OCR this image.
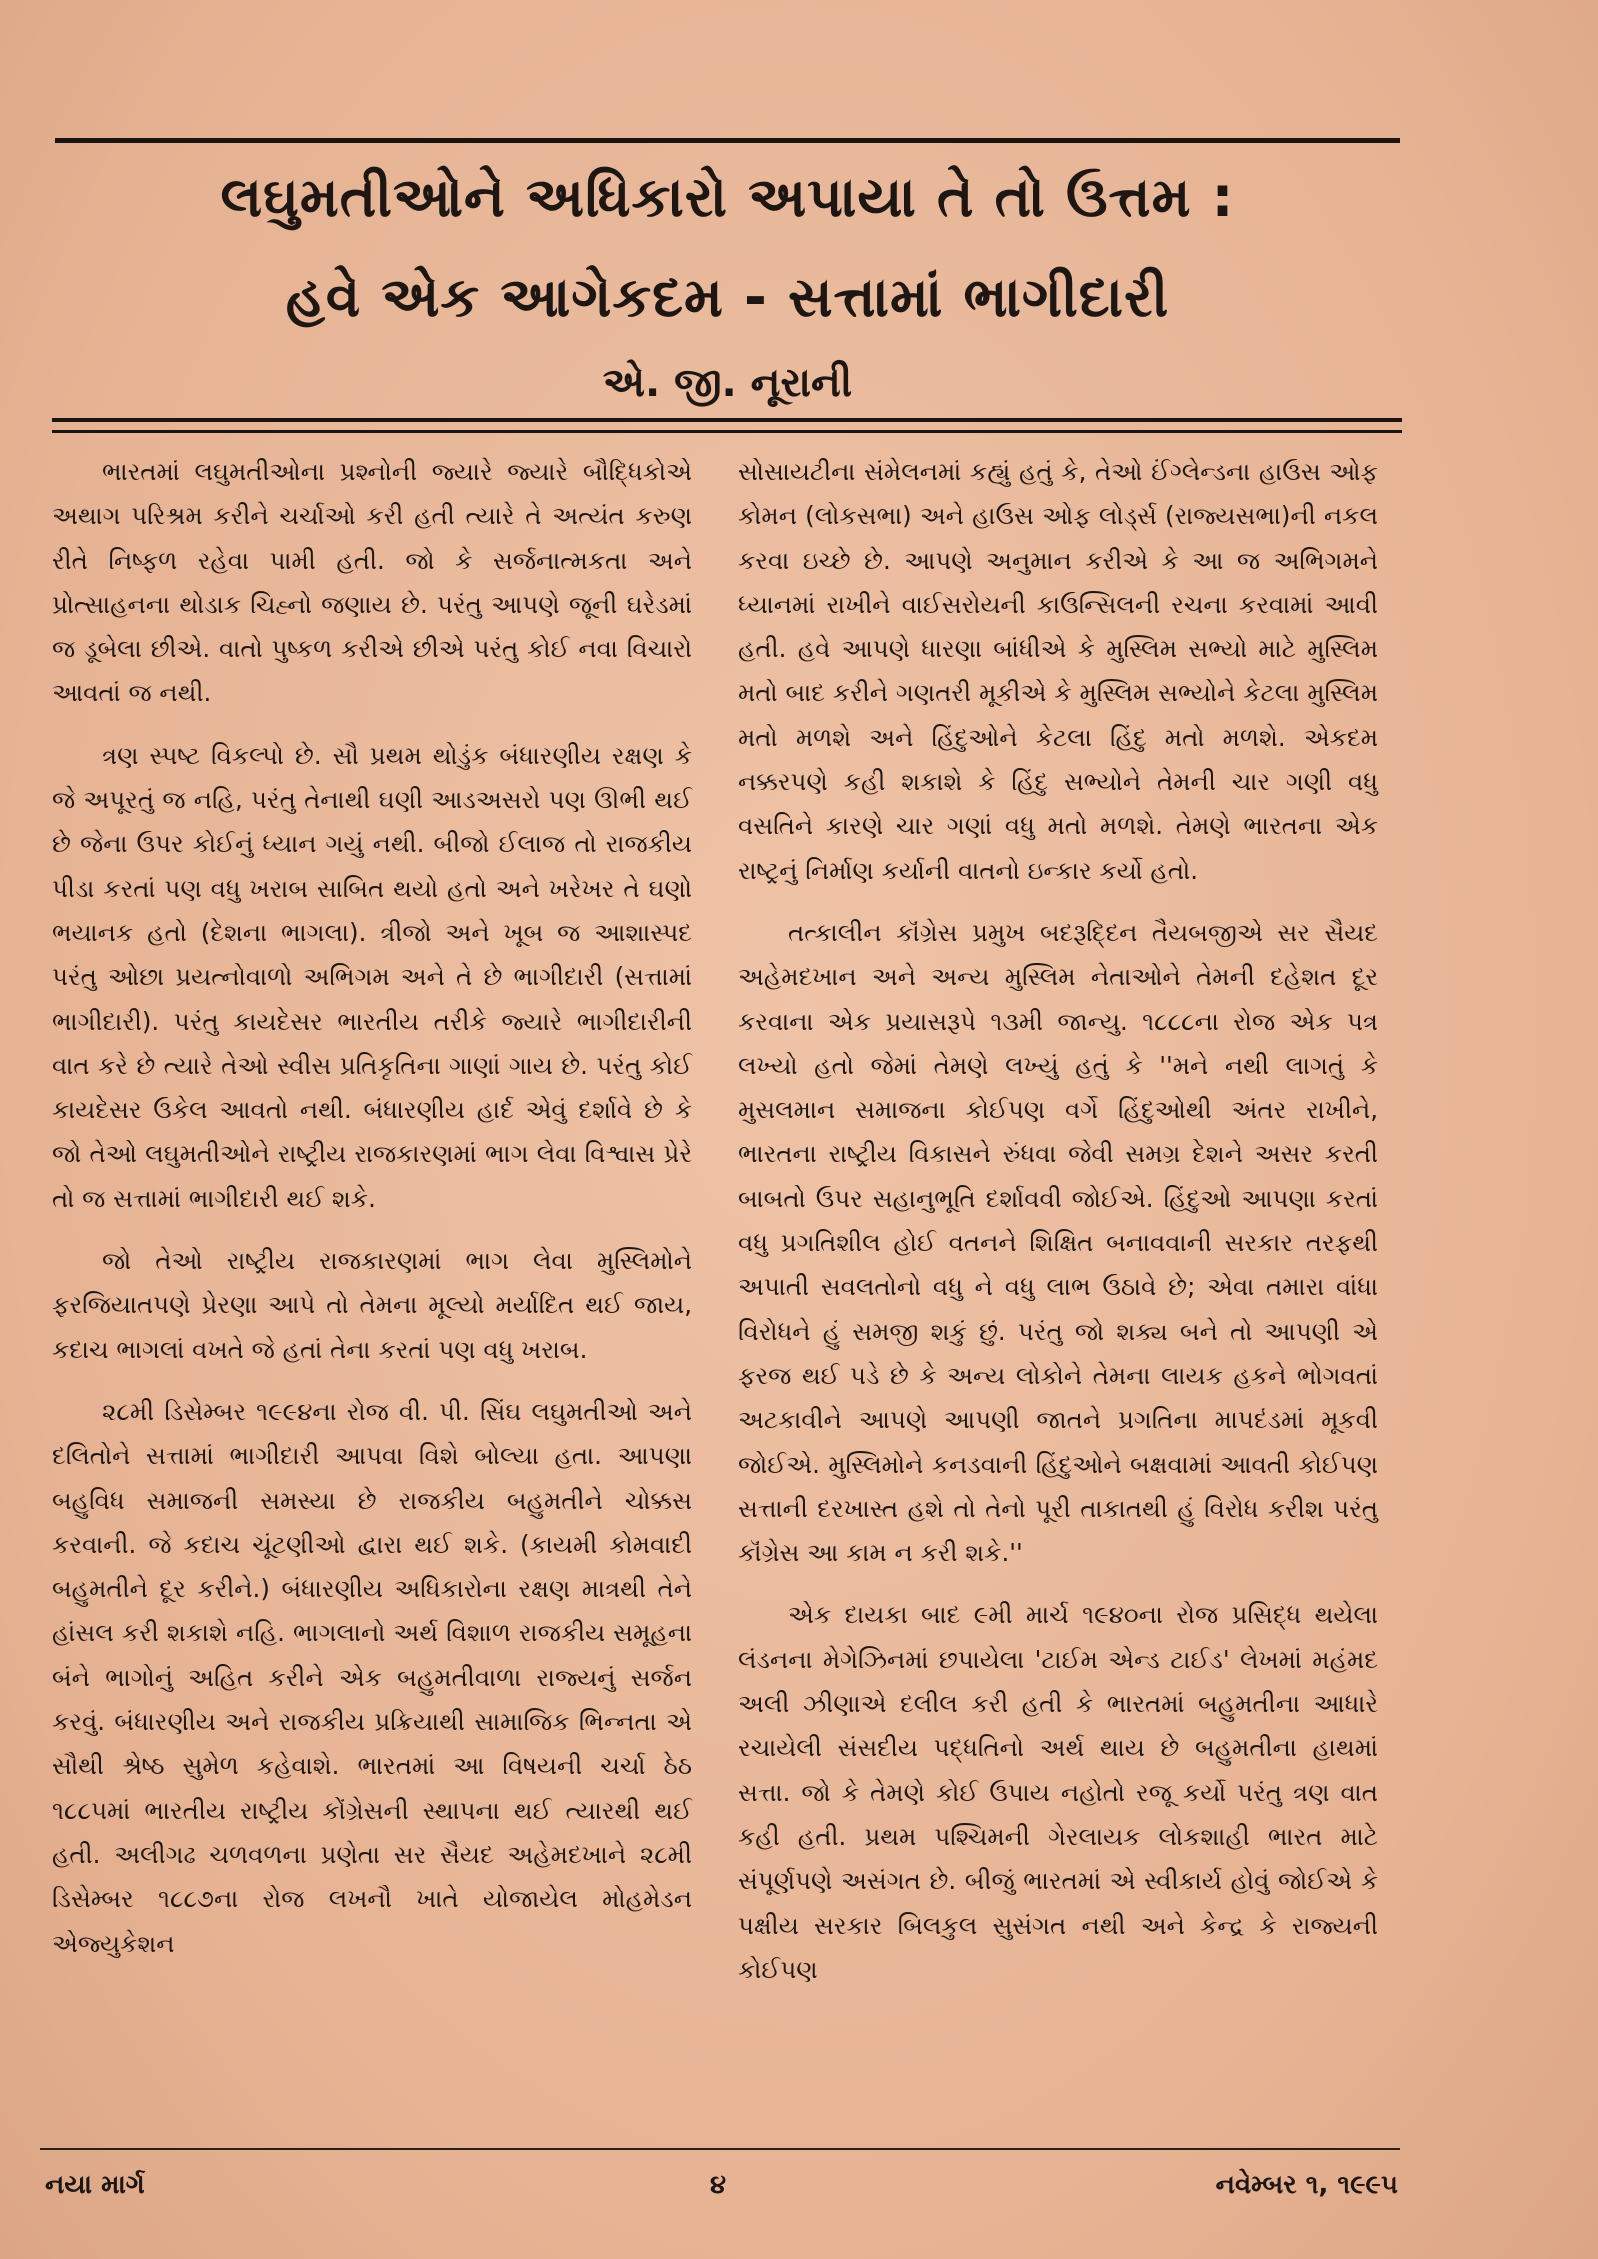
લઘુમતીઓને અધિકારો અપાયા તે તો ઉત્તમ :
હવે એક આગેકદમ - સત્તામાં ભાગીદારી
એ. જી. નૂરાની

ભારતમાં લઘુમતીઓના પ્રશ્નોની જ્યારે જ્યારે બૌદ્ધિકોએ અથાગ પરિશ્રમ કરીને ચર્ચાઓ કરી હતી ત્યારે તે અત્યંત કરુણ રીતે નિષ્ફળ રહેવા પામી હતી. જો કે સર્જનાત્મકતા અને પ્રોત્સાહનના થોડાક ચિહ્નો જણાય છે. પરંતુ આપણે જૂની ઘરેડમાં જ ડૂબેલા છીએ. વાતો પુષ્કળ કરીએ છીએ પરંતુ કોઈ નવા વિચારો આવતાં જ નથી.

ત્રણ સ્પષ્ટ વિકલ્પો છે. સૌ પ્રથમ થોડુંક બંધારણીય રક્ષણ કે જે અપૂરતું જ નહિ, પરંતુ તેનાથી ઘણી આડઅસરો પણ ઊભી થઈ છે જેના ઉપર કોઈનું ધ્યાન ગયું નથી. બીજો ઈલાજ તો રાજકીય પીડા કરતાં પણ વધુ ખરાબ સાબિત થયો હતો અને ખરેખર તે ઘણો ભયાનક હતો (દેશના ભાગલા). ત્રીજો અને ખૂબ જ આશાસ્પદ પરંતુ ઓછા પ્રયત્નોવાળો અભિગમ અને તે છે ભાગીદારી (સત્તામાં ભાગીદારી). પરંતુ કાયદેસર ભારતીય તરીકે જ્યારે ભાગીદારીની વાત કરે છે ત્યારે તેઓ સ્વીસ પ્રતિકૃતિના ગાણાં ગાય છે. પરંતુ કોઈ કાયદેસર ઉકેલ આવતો નથી. બંધારણીય હાર્દ એવું દર્શાવે છે કે જો તેઓ લઘુમતીઓને રાષ્ટ્રીય રાજકારણમાં ભાગ લેવા વિશ્વાસ પ્રેરે તો જ સત્તામાં ભાગીદારી થઈ શકે.

જો તેઓ રાષ્ટ્રીય રાજકારણમાં ભાગ લેવા મુસ્લિમોને ફરજિયાતપણે પ્રેરણા આપે તો તેમના મૂલ્યો મર્યાદિત થઈ જાય, કદાચ ભાગલાં વખતે જે હતાં તેના કરતાં પણ વધુ ખરાબ.

૨૮મી ડિસેમ્બર ૧૯૯૪ના રોજ વી. પી. સિંઘ લઘુમતીઓ અને દલિતોને સત્તામાં ભાગીદારી આપવા વિશે બોલ્યા હતા. આપણા બહુવિધ સમાજની સમસ્યા છે રાજકીય બહુમતીને ચોક્કસ કરવાની. જે કદાચ ચૂંટણીઓ દ્વારા થઈ શકે. (કાયમી કોમવાદી બહુમતીને દૂર કરીને.) બંધારણીય અધિકારોના રક્ષણ માત્રથી તેને હાંસલ કરી શકાશે નહિ. ભાગલાનો અર્થ વિશાળ રાજકીય સમૂહના બંને ભાગોનું અહિત કરીને એક બહુમતીવાળા રાજ્યનું સર્જન કરવું. બંધારણીય અને રાજકીય પ્રક્રિયાથી સામાજિક ભિન્નતા એ સૌથી શ્રેષ્ઠ સુમેળ કહેવાશે. ભારતમાં આ વિષયની ચર્ચા ઠેઠ ૧૮૮૫માં ભારતીય રાષ્ટ્રીય કોંગ્રેસની સ્થાપના થઈ ત્યારથી થઈ હતી. અલીગઢ ચળવળના પ્રણેતા સર સૈયદ અહેમદખાને ૨૮મી ડિસેમ્બર ૧૮૮૭ના રોજ લખનૌ ખાતે યોજાયેલ મોહમેડન એજ્યુકેશન

સોસાયટીના સંમેલનમાં કહ્યું હતું કે, તેઓ ઈંગ્લેન્ડના હાઉસ ઓફ કોમન (લોકસભા) અને હાઉસ ઓફ લોર્ડ્સ (રાજ્યસભા)ની નકલ કરવા ઇચ્છે છે. આપણે અનુમાન કરીએ કે આ જ અભિગમને ધ્યાનમાં રાખીને વાઈસરોયની કાઉન્સિલની રચના કરવામાં આવી હતી. હવે આપણે ધારણા બાંધીએ કે મુસ્લિમ સભ્યો માટે મુસ્લિમ મતો બાદ કરીને ગણતરી મૂકીએ કે મુસ્લિમ સભ્યોને કેટલા મુસ્લિમ મતો મળશે અને હિંદુઓને કેટલા હિંદુ મતો મળશે. એકદમ નક્કરપણે કહી શકાશે કે હિંદુ સભ્યોને તેમની ચાર ગણી વધુ વસતિને કારણે ચાર ગણાં વધુ મતો મળશે. તેમણે ભારતના એક રાષ્ટ્રનું નિર્માણ કર્યાની વાતનો ઇન્કાર કર્યો હતો.

તત્કાલીન કૉંગ્રેસ પ્રમુખ બદરૂદ્દિન તૈયબજીએ સર સૈયદ અહેમદખાન અને અન્ય મુસ્લિમ નેતાઓને તેમની દહેશત દૂર કરવાના એક પ્રયાસરૂપે ૧૩મી જાન્યુ. ૧૮૮૮ના રોજ એક પત્ર લખ્યો હતો જેમાં તેમણે લખ્યું હતું કે ''મને નથી લાગતું કે મુસલમાન સમાજના કોઈપણ વર્ગે હિંદુઓથી અંતર રાખીને, ભારતના રાષ્ટ્રીય વિકાસને રુંધવા જેવી સમગ્ર દેશને અસર કરતી બાબતો ઉપર સહાનુભૂતિ દર્શાવવી જોઈએ. હિંદુઓ આપણા કરતાં વધુ પ્રગતિશીલ હોઈ વતનને શિક્ષિત બનાવવાની સરકાર તરફથી અપાતી સવલતોનો વધુ ને વધુ લાભ ઉઠાવે છે; એવા તમારા વાંધા વિરોધને હું સમજી શકું છું. પરંતુ જો શક્ય બને તો આપણી એ ફરજ થઈ પડે છે કે અન્ય લોકોને તેમના લાયક હકને ભોગવતાં અટકાવીને આપણે આપણી જાતને પ્રગતિના માપદંડમાં મૂકવી જોઈએ. મુસ્લિમોને કનડવાની હિંદુઓને બક્ષવામાં આવતી કોઈપણ સત્તાની દરખાસ્ત હશે તો તેનો પૂરી તાકાતથી હું વિરોધ કરીશ પરંતુ કૉંગ્રેસ આ કામ ન કરી શકે.''

એક દાયકા બાદ ૯મી માર્ચ ૧૯૪૦ના રોજ પ્રસિદ્ધ થયેલા લંડનના મેગેઝિનમાં છપાયેલા 'ટાઈમ એન્ડ ટાઈડ' લેખમાં મહંમદ અલી ઝીણાએ દલીલ કરી હતી કે ભારતમાં બહુમતીના આધારે રચાયેલી સંસદીય પદ્ધતિનો અર્થ થાય છે બહુમતીના હાથમાં સત્તા. જો કે તેમણે કોઈ ઉપાય નહોતો રજૂ કર્યો પરંતુ ત્રણ વાત કહી હતી. પ્રથમ પશ્ચિમની ગેરલાયક લોકશાહી ભારત માટે સંપૂર્ણપણે અસંગત છે. બીજું ભારતમાં એ સ્વીકાર્ય હોવું જોઈએ કે પક્ષીય સરકાર બિલકુલ સુસંગત નથી અને કેન્દ્ર કે રાજ્યની કોઈપણ

નયા માર્ગ	૪	નવેમ્બર ૧, ૧૯૯૫
